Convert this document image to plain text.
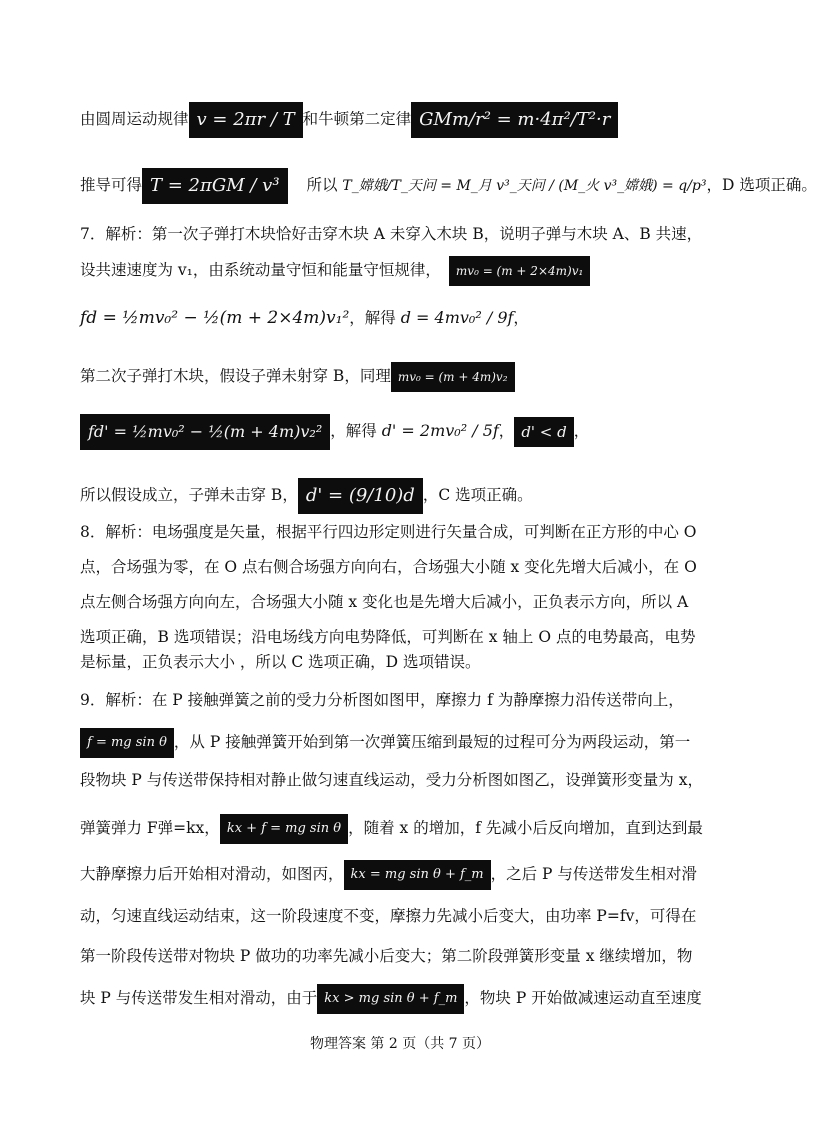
由圆周运动规律 v = 2πr / T 和牛顿第二定律 GMm/r² = m·4π²/T²·r
推导可得 T = 2πGM / v³ 所以 T_嫦娥/T_天问 = M_月 v³_天问 / (M_火 v³_嫦娥) = q/p³，D 选项正确。
7．解析：第一次子弹打木块恰好击穿木块 A 未穿入木块 B，说明子弹与木块 A、B 共速，
设共速速度为 v₁，由系统动量守恒和能量守恒规律， mv₀ = (m + 2×4m)v₁
fd = ½mv₀² − ½(m + 2×4m)v₁²，解得 d = 4mv₀² / 9f，
第二次子弹打木块，假设子弹未射穿 B，同理 mv₀ = (m + 4m)v₂
fd' = ½mv₀² − ½(m + 4m)v₂² ，解得 d' = 2mv₀² / 5f， d' < d ，
所以假设成立，子弹未击穿 B， d' = (9/10)d ，C 选项正确。
8．解析：电场强度是矢量，根据平行四边形定则进行矢量合成，可判断在正方形的中心 O
点，合场强为零，在 O 点右侧合场强方向向右，合场强大小随 x 变化先增大后减小，在 O
点左侧合场强方向向左，合场强大小随 x 变化也是先增大后减小，正负表示方向，所以 A
选项正确，B 选项错误；沿电场线方向电势降低，可判断在 x 轴上 O 点的电势最高，电势
是标量，正负表示大小 ，所以 C 选项正确，D 选项错误。
9．解析：在 P 接触弹簧之前的受力分析图如图甲，摩擦力 f 为静摩擦力沿传送带向上，
f = mg sin θ ，从 P 接触弹簧开始到第一次弹簧压缩到最短的过程可分为两段运动，第一
段物块 P 与传送带保持相对静止做匀速直线运动，受力分析图如图乙，设弹簧形变量为 x，
弹簧弹力 F弹=kx， kx + f = mg sin θ ，随着 x 的增加，f 先减小后反向增加，直到达到最
大静摩擦力后开始相对滑动，如图丙， kx = mg sin θ + f_m ，之后 P 与传送带发生相对滑
动，匀速直线运动结束，这一阶段速度不变，摩擦力先减小后变大，由功率 P=fv，可得在
第一阶段传送带对物块 P 做功的功率先减小后变大；第二阶段弹簧形变量 x 继续增加，物
块 P 与传送带发生相对滑动，由于 kx > mg sin θ + f_m ，物块 P 开始做减速运动直至速度
物理答案 第 2 页（共 7 页）
